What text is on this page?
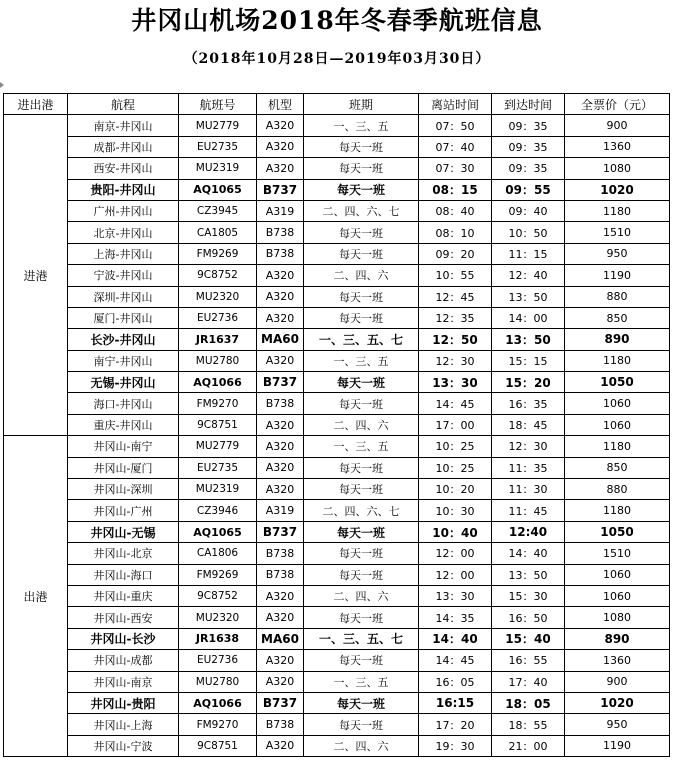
井冈山机场2018年冬春季航班信息
（2018年10月28日—2019年03月30日）
进出港	航程	航班号	机型	班期	离站时间	到达时间	全票价（元）
进港	南京-井冈山	MU2779	A320	一、三、五	07：50	09：35	900
	成都-井冈山	EU2735	A320	每天一班	07：40	09：35	1360
	西安-井冈山	MU2319	A320	每天一班	07：30	09：35	1080
	贵阳-井冈山	AQ1065	B737	每天一班	08：15	09：55	1020
	广州-井冈山	CZ3945	A319	二、四、六、七	08：40	09：40	1180
	北京-井冈山	CA1805	B738	每天一班	08：10	10：50	1510
	上海-井冈山	FM9269	B738	每天一班	09：20	11：15	950
	宁波-井冈山	9C8752	A320	二、四、六	10：55	12：40	1190
	深圳-井冈山	MU2320	A320	每天一班	12：45	13：50	880
	厦门-井冈山	EU2736	A320	每天一班	12：35	14：00	850
	长沙-井冈山	JR1637	MA60	一、三、五、七	12：50	13：50	890
	南宁-井冈山	MU2780	A320	一、三、五	12：30	15：15	1180
	无锡-井冈山	AQ1066	B737	每天一班	13：30	15：20	1050
	海口-井冈山	FM9270	B738	每天一班	14：45	16：35	1060
	重庆-井冈山	9C8751	A320	二、四、六	17：00	18：45	1060
出港	井冈山-南宁	MU2779	A320	一、三、五	10：25	12：30	1180
	井冈山-厦门	EU2735	A320	每天一班	10：25	11：35	850
	井冈山-深圳	MU2319	A320	每天一班	10：20	11：30	880
	井冈山-广州	CZ3946	A319	二、四、六、七	10：30	11：45	1180
	井冈山-无锡	AQ1065	B737	每天一班	10：40	12:40	1050
	井冈山-北京	CA1806	B738	每天一班	12：00	14：40	1510
	井冈山-海口	FM9269	B738	每天一班	12：00	13：50	1060
	井冈山-重庆	9C8752	A320	二、四、六	13：30	15：30	1060
	井冈山-西安	MU2320	A320	每天一班	14：35	16：50	1080
	井冈山-长沙	JR1638	MA60	一、三、五、七	14：40	15：40	890
	井冈山-成都	EU2736	A320	每天一班	14：45	16：55	1360
	井冈山-南京	MU2780	A320	一、三、五	16：05	17：40	900
	井冈山-贵阳	AQ1066	B737	每天一班	16:15	18：05	1020
	井冈山-上海	FM9270	B738	每天一班	17：20	18：55	950
	井冈山-宁波	9C8751	A320	二、四、六	19：30	21：00	1190
